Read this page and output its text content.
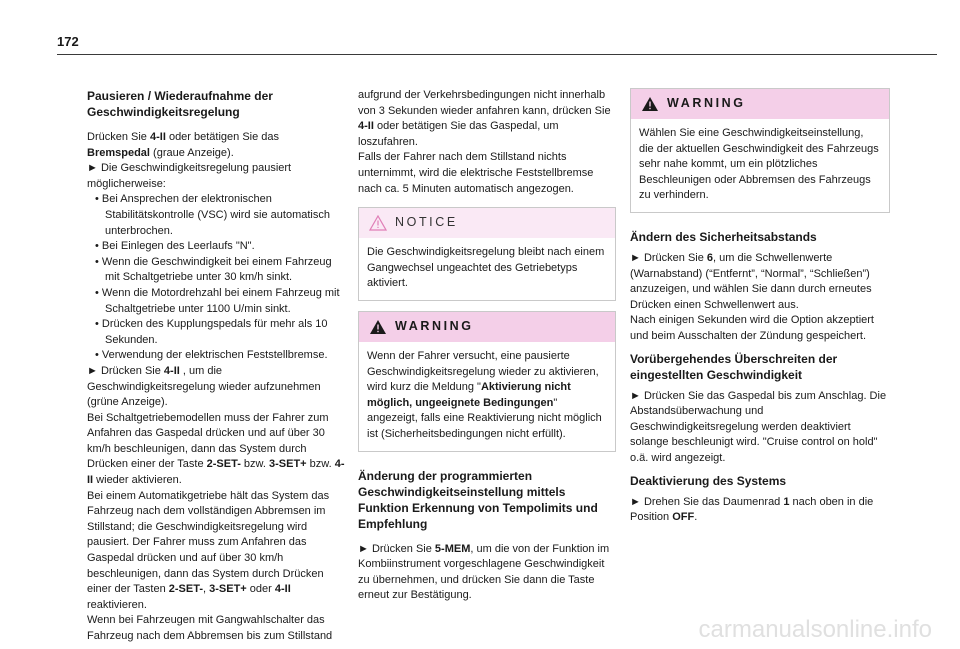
172
Pausieren / Wiederaufnahme der Geschwindigkeitsregelung

Drücken Sie 4-II oder betätigen Sie das Bremspedal (graue Anzeige).

► Die Geschwindigkeitsregelung pausiert möglicherweise:

• Bei Ansprechen der elektronischen Stabilitätskontrolle (VSC) wird sie automatisch unterbrochen.

• Bei Einlegen des Leerlaufs "N".

• Wenn die Geschwindigkeit bei einem Fahrzeug mit Schaltgetriebe unter 30 km/h sinkt.

• Wenn die Motordrehzahl bei einem Fahrzeug mit Schaltgetriebe unter 1100 U/min sinkt.

• Drücken des Kupplungspedals für mehr als 10 Sekunden.

• Verwendung der elektrischen Feststellbremse.

► Drücken Sie 4-II , um die Geschwindigkeitsregelung wieder aufzunehmen (grüne Anzeige).

Bei Schaltgetriebemodellen muss der Fahrer zum Anfahren das Gaspedal drücken und auf über 30 km/h beschleunigen, dann das System durch Drücken einer der Taste 2-SET- bzw. 3-SET+ bzw. 4-II wieder aktivieren.

Bei einem Automatikgetriebe hält das System das Fahrzeug nach dem vollständigen Abbremsen im Stillstand; die Geschwindigkeitsregelung wird pausiert. Der Fahrer muss zum Anfahren das Gaspedal drücken und auf über 30 km/h beschleunigen, dann das System durch Drücken einer der Tasten 2-SET-, 3-SET+ oder 4-II reaktivieren.

Wenn bei Fahrzeugen mit Gangwahlschalter das Fahrzeug nach dem Abbremsen bis zum Stillstand

aufgrund der Verkehrsbedingungen nicht innerhalb von 3 Sekunden wieder anfahren kann, drücken Sie 4-II oder betätigen Sie das Gaspedal, um loszufahren.

Falls der Fahrer nach dem Stillstand nichts unternimmt, wird die elektrische Feststellbremse nach ca. 5 Minuten automatisch angezogen.

NOTICE
Die Geschwindigkeitsregelung bleibt nach einem Gangwechsel ungeachtet des Getriebetyps aktiviert.
WARNING
Wenn der Fahrer versucht, eine pausierte Geschwindigkeitsregelung wieder zu aktivieren, wird kurz die Meldung "Aktivierung nicht möglich, ungeeignete Bedingungen" angezeigt, falls eine Reaktivierung nicht möglich ist (Sicherheitsbedingungen nicht erfüllt).
Änderung der programmierten Geschwindigkeitseinstellung mittels Funktion Erkennung von Tempolimits und Empfehlung

► Drücken Sie 5-MEM, um die von der Funktion im Kombiinstrument vorgeschlagene Geschwindigkeit zu übernehmen, und drücken Sie dann die Taste erneut zur Bestätigung.

WARNING
Wählen Sie eine Geschwindigkeitseinstellung, die der aktuellen Geschwindigkeit des Fahrzeugs sehr nahe kommt, um ein plötzliches Beschleunigen oder Abbremsen des Fahrzeugs zu verhindern.
Ändern des Sicherheitsabstands

► Drücken Sie 6, um die Schwellenwerte (Warnabstand) (“Entfernt”, “Normal”, “Schließen”) anzuzeigen, und wählen Sie dann durch erneutes Drücken einen Schwellenwert aus.

Nach einigen Sekunden wird die Option akzeptiert und beim Ausschalten der Zündung gespeichert.

Vorübergehendes Überschreiten der eingestellten Geschwindigkeit

► Drücken Sie das Gaspedal bis zum Anschlag. Die Abstandsüberwachung und Geschwindigkeitsregelung werden deaktiviert solange beschleunigt wird. "Cruise control on hold" o.ä. wird angezeigt.

Deaktivierung des Systems

► Drehen Sie das Daumenrad 1 nach oben in die Position OFF.

carmanualsonline.info
